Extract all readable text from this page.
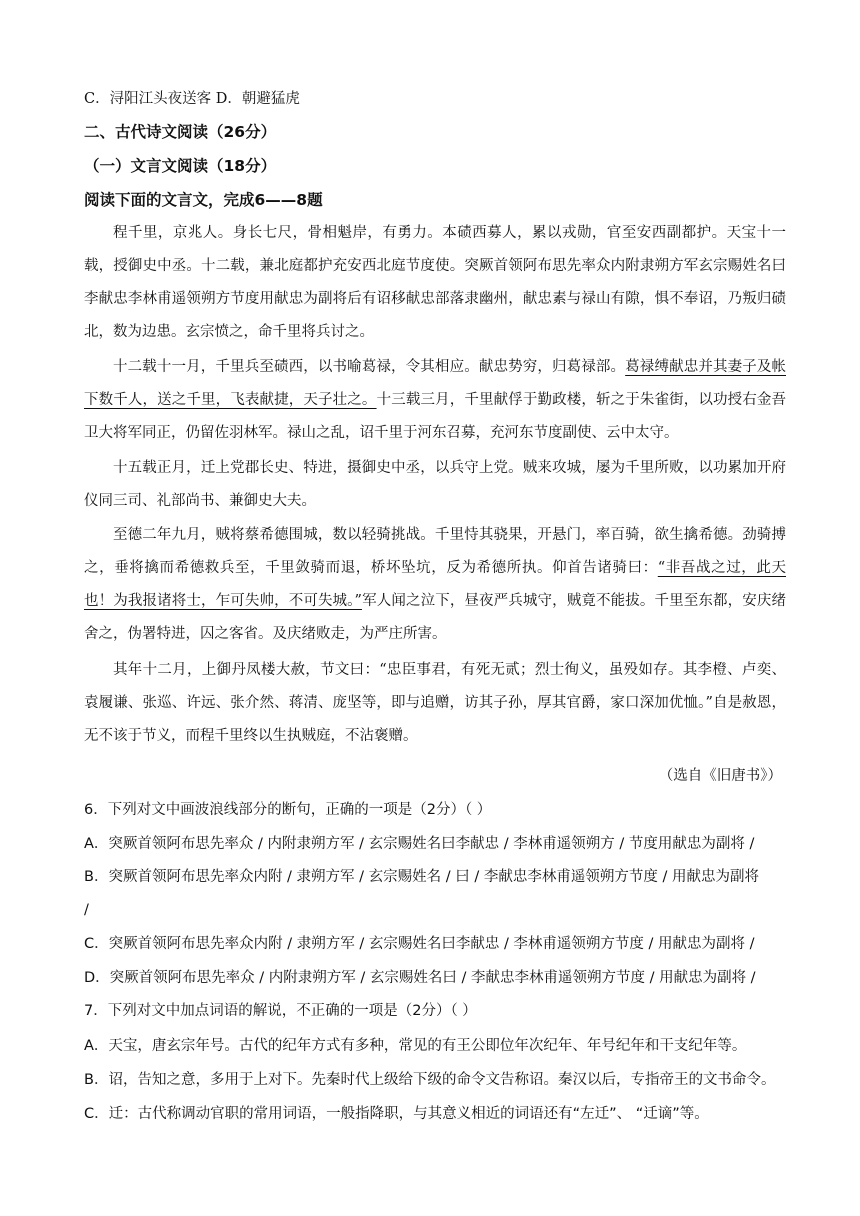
C．浔阳江头夜送客 D．朝避猛虎
二、古代诗文阅读（26分）
（一）文言文阅读（18分）
阅读下面的文言文，完成6——8题
程千里，京兆人。身长七尺，骨相魁岸，有勇力。本碛西募人，累以戎勋，官至安西副都护。天宝十一载，授御史中丞。十二载，兼北庭都护充安西北庭节度使。突厥首领阿布思先率众内附隶朔方军玄宗赐姓名曰李献忠李林甫遥领朔方节度用献忠为副将后有诏移献忠部落隶幽州，献忠素与禄山有隙，惧不奉诏，乃叛归碛北，数为边患。玄宗愤之，命千里将兵讨之。
十二载十一月，千里兵至碛西，以书喻葛禄，令其相应。献忠势穷，归葛禄部。葛禄缚献忠并其妻子及帐下数千人，送之千里，飞表献捷，天子壮之。十三载三月，千里献俘于勤政楼，斩之于朱雀街，以功授右金吾卫大将军同正，仍留佐羽林军。禄山之乱，诏千里于河东召募，充河东节度副使、云中太守。
十五载正月，迁上党郡长史、特进，摄御史中丞，以兵守上党。贼来攻城，屡为千里所败，以功累加开府仪同三司、礼部尚书、兼御史大夫。
至德二年九月，贼将蔡希德围城，数以轻骑挑战。千里恃其骁果，开悬门，率百骑，欲生擒希德。劲骑搏之，垂将擒而希德救兵至，千里敛骑而退，桥坏坠坑，反为希德所执。仰首告诸骑曰：“非吾战之过，此天也！为我报诸将士，乍可失帅，不可失城。”军人闻之泣下，昼夜严兵城守，贼竟不能拔。千里至东都，安庆绪舍之，伪署特进，囚之客省。及庆绪败走，为严庄所害。
其年十二月，上御丹凤楼大赦，节文曰：“忠臣事君，有死无贰；烈士徇义，虽殁如存。其李橙、卢奕、袁履谦、张巡、许远、张介然、蒋清、庞坚等，即与追赠，访其子孙，厚其官爵，家口深加优恤。”自是赦恩，无不该于节义，而程千里终以生执贼庭，不沾褒赠。
（选自《旧唐书》）
6．下列对文中画波浪线部分的断句，正确的一项是（2分）（ ）
A．突厥首领阿布思先率众 / 内附隶朔方军 / 玄宗赐姓名曰李献忠 / 李林甫遥领朔方 / 节度用献忠为副将 /
B．突厥首领阿布思先率众内附 / 隶朔方军 / 玄宗赐姓名 / 曰 / 李献忠李林甫遥领朔方节度 / 用献忠为副将
/
C．突厥首领阿布思先率众内附 / 隶朔方军 / 玄宗赐姓名曰李献忠 / 李林甫遥领朔方节度 / 用献忠为副将 /
D．突厥首领阿布思先率众 / 内附隶朔方军 / 玄宗赐姓名曰 / 李献忠李林甫遥领朔方节度 / 用献忠为副将 /
7．下列对文中加点词语的解说，不正确的一项是（2分）（ ）
A．天宝，唐玄宗年号。古代的纪年方式有多种，常见的有王公即位年次纪年、年号纪年和干支纪年等。
B．诏，告知之意，多用于上对下。先秦时代上级给下级的命令文告称诏。秦汉以后，专指帝王的文书命令。
C．迁：古代称调动官职的常用词语，一般指降职，与其意义相近的词语还有“左迁”、 “迁谪”等。
